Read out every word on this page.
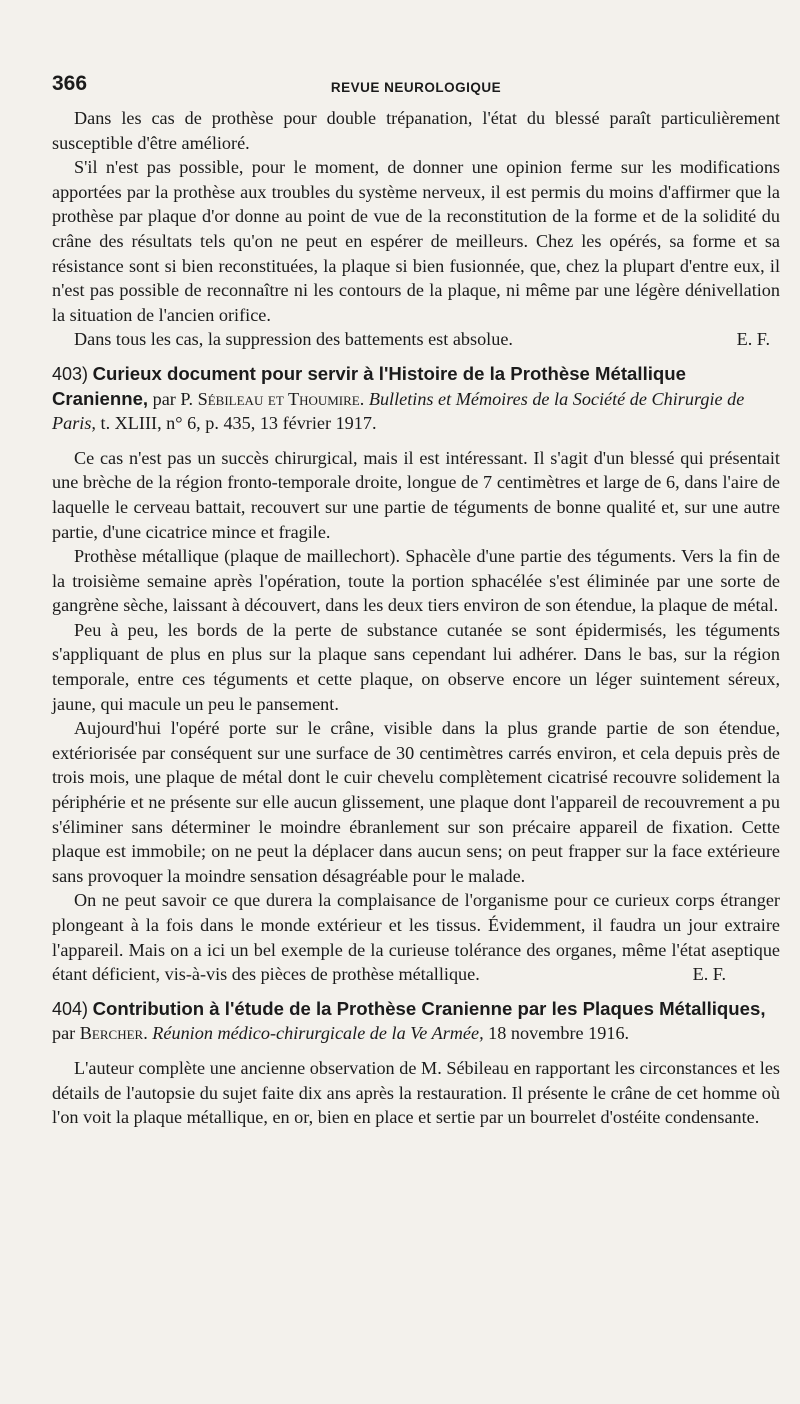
366	REVUE NEUROLOGIQUE

Dans les cas de prothèse pour double trépanation, l'état du blessé paraît particulièrement susceptible d'être amélioré.

S'il n'est pas possible, pour le moment, de donner une opinion ferme sur les modifications apportées par la prothèse aux troubles du système nerveux, il est permis du moins d'affirmer que la prothèse par plaque d'or donne au point de vue de la reconstitution de la forme et de la solidité du crâne des résultats tels qu'on ne peut en espérer de meilleurs. Chez les opérés, sa forme et sa résistance sont si bien reconstituées, la plaque si bien fusionnée, que, chez la plupart d'entre eux, il n'est pas possible de reconnaître ni les contours de la plaque, ni même par une légère dénivellation la situation de l'ancien orifice.

Dans tous les cas, la suppression des battements est absolue.	E. F.

403) Curieux document pour servir à l'Histoire de la Prothèse Métallique Cranienne, par P. Sébileau et Thoumire. Bulletins et Mémoires de la Société de Chirurgie de Paris, t. XLIII, n° 6, p. 435, 13 février 1917.

Ce cas n'est pas un succès chirurgical, mais il est intéressant. Il s'agit d'un blessé qui présentait une brèche de la région fronto-temporale droite, longue de 7 centimètres et large de 6, dans l'aire de laquelle le cerveau battait, recouvert sur une partie de téguments de bonne qualité et, sur une autre partie, d'une cicatrice mince et fragile.

Prothèse métallique (plaque de maillechort). Sphacèle d'une partie des téguments. Vers la fin de la troisième semaine après l'opération, toute la portion sphacélée s'est éliminée par une sorte de gangrène sèche, laissant à découvert, dans les deux tiers environ de son étendue, la plaque de métal.

Peu à peu, les bords de la perte de substance cutanée se sont épidermisés, les téguments s'appliquant de plus en plus sur la plaque sans cependant lui adhérer. Dans le bas, sur la région temporale, entre ces téguments et cette plaque, on observe encore un léger suintement séreux, jaune, qui macule un peu le pansement.

Aujourd'hui l'opéré porte sur le crâne, visible dans la plus grande partie de son étendue, extériorisée par conséquent sur une surface de 30 centimètres carrés environ, et cela depuis près de trois mois, une plaque de métal dont le cuir chevelu complètement cicatrisé recouvre solidement la périphérie et ne présente sur elle aucun glissement, une plaque dont l'appareil de recouvrement a pu s'éliminer sans déterminer le moindre ébranlement sur son précaire appareil de fixation. Cette plaque est immobile; on ne peut la déplacer dans aucun sens; on peut frapper sur la face extérieure sans provoquer la moindre sensation désagréable pour le malade.

On ne peut savoir ce que durera la complaisance de l'organisme pour ce curieux corps étranger plongeant à la fois dans le monde extérieur et les tissus. Évidemment, il faudra un jour extraire l'appareil. Mais on a ici un bel exemple de la curieuse tolérance des organes, même l'état aseptique étant déficient, vis-à-vis des pièces de prothèse métallique.	E. F.

404) Contribution à l'étude de la Prothèse Cranienne par les Plaques Métalliques, par Bercher. Réunion médico-chirurgicale de la Ve Armée, 18 novembre 1916.

L'auteur complète une ancienne observation de M. Sébileau en rapportant les circonstances et les détails de l'autopsie du sujet faite dix ans après la restauration. Il présente le crâne de cet homme où l'on voit la plaque métallique, en or, bien en place et sertie par un bourrelet d'ostéite condensante.
